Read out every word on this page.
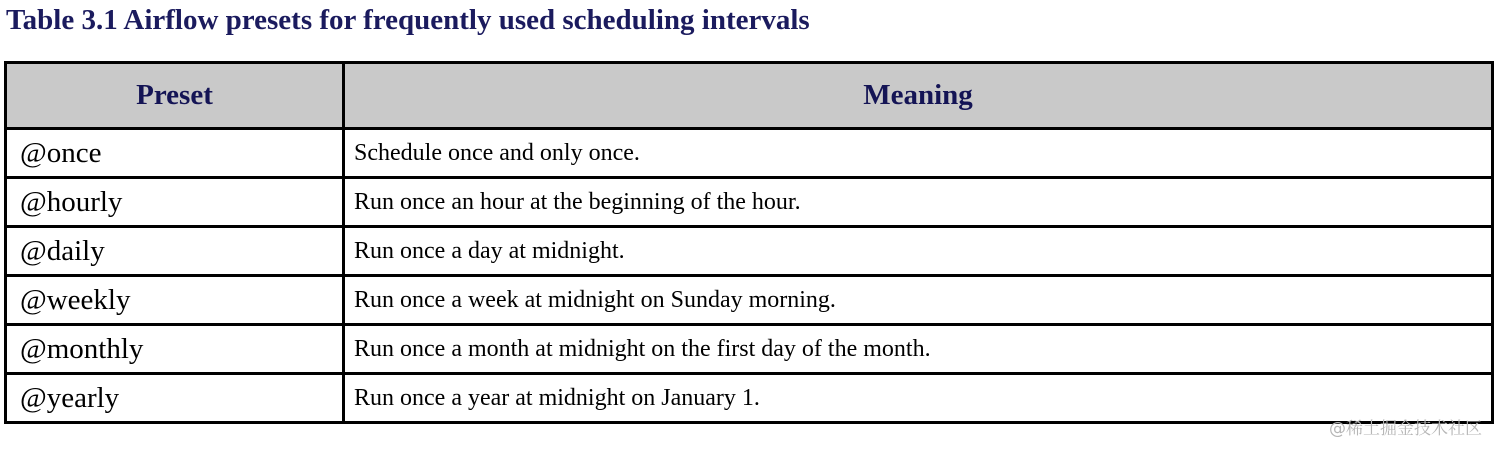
Table 3.1 Airflow presets for frequently used scheduling intervals
Preset	Meaning
@once	Schedule once and only once.
@hourly	Run once an hour at the beginning of the hour.
@daily	Run once a day at midnight.
@weekly	Run once a week at midnight on Sunday morning.
@monthly	Run once a month at midnight on the first day of the month.
@yearly	Run once a year at midnight on January 1.
@稀土掘金技术社区
